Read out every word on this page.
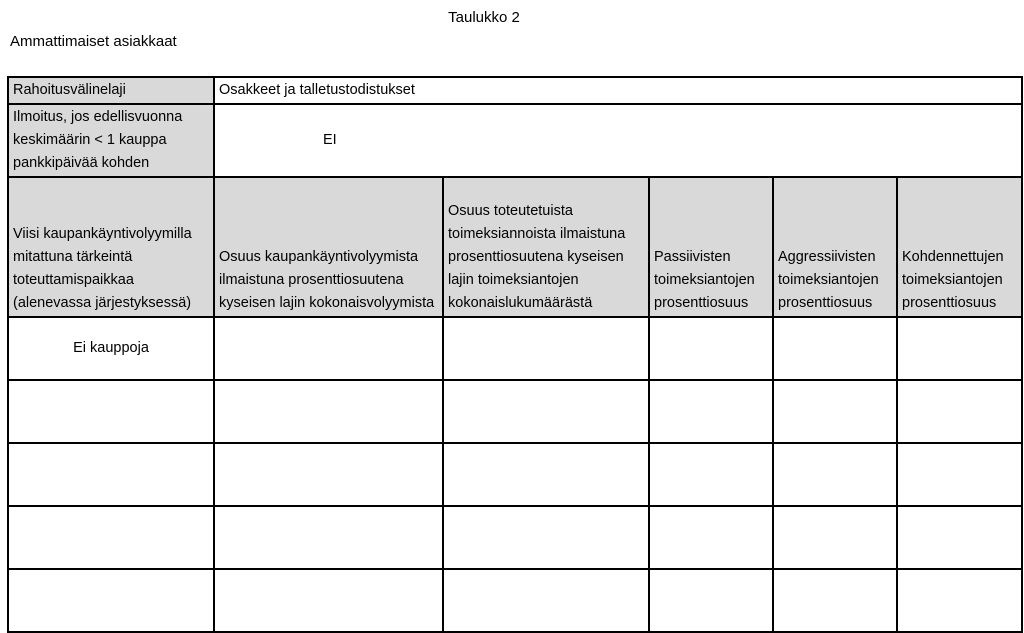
Taulukko 2
Ammattimaiset asiakkaat
Rahoitusvälinelaji	Osakkeet ja talletustodistukset				
Ilmoitus, jos edellisvuonna keskimäärin < 1 kauppa pankkipäivää kohden	EI				
Viisi kaupankäyntivolyymilla mitattuna tärkeintä toteuttamispaikkaa (alenevassa järjestyksessä)	Osuus kaupankäyntivolyymista ilmaistuna prosenttiosuutena kyseisen lajin kokonaisvolyymista	Osuus toteutetuista toimeksiannoista ilmaistuna prosenttiosuutena kyseisen lajin toimeksiantojen kokonaislukumäärästä	Passiivisten toimeksiantojen prosenttiosuus	Aggressiivisten toimeksiantojen prosenttiosuus	Kohdennettujen toimeksiantojen prosenttiosuus
Ei kauppoja					
